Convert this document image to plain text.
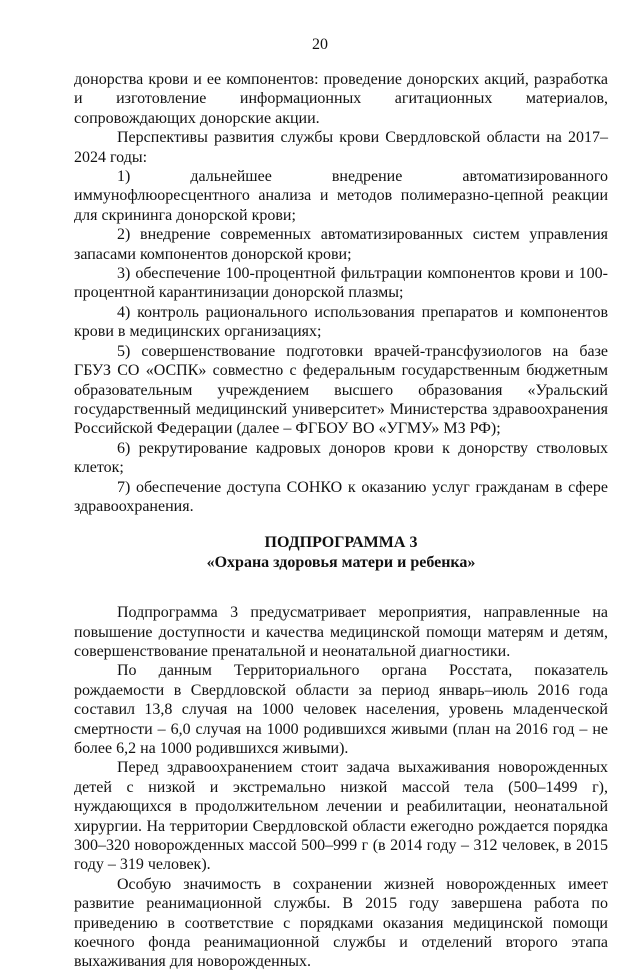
20

донорства крови и ее компонентов: проведение донорских акций, разработка и изготовление информационных агитационных материалов, сопровождающих донорские акции.

Перспективы развития службы крови Свердловской области на 2017–2024 годы:

1) дальнейшее внедрение автоматизированного иммунофлюоресцентного анализа и методов полимеразно-цепной реакции для скрининга донорской крови;

2) внедрение современных автоматизированных систем управления запасами компонентов донорской крови;

3) обеспечение 100-процентной фильтрации компонентов крови и 100-процентной карантинизации донорской плазмы;

4) контроль рационального использования препаратов и компонентов крови в медицинских организациях;

5) совершенствование подготовки врачей-трансфузиологов на базе ГБУЗ СО «ОСПК» совместно с федеральным государственным бюджетным образовательным учреждением высшего образования «Уральский государственный медицинский университет» Министерства здравоохранения Российской Федерации (далее – ФГБОУ ВО «УГМУ» МЗ РФ);

6) рекрутирование кадровых доноров крови к донорству стволовых клеток;

7) обеспечение доступа СОНКО к оказанию услуг гражданам в сфере здравоохранения.

ПОДПРОГРАММА 3
«Охрана здоровья матери и ребенка»

Подпрограмма 3 предусматривает мероприятия, направленные на повышение доступности и качества медицинской помощи матерям и детям, совершенствование пренатальной и неонатальной диагностики.

По данным Территориального органа Росстата, показатель рождаемости в Свердловской области за период январь–июль 2016 года составил 13,8 случая на 1000 человек населения, уровень младенческой смертности – 6,0 случая на 1000 родившихся живыми (план на 2016 год – не более 6,2 на 1000 родившихся живыми).

Перед здравоохранением стоит задача выхаживания новорожденных детей с низкой и экстремально низкой массой тела (500–1499 г), нуждающихся в продолжительном лечении и реабилитации, неонатальной хирургии. На территории Свердловской области ежегодно рождается порядка 300–320 новорожденных массой 500–999 г (в 2014 году – 312 человек, в 2015 году – 319 человек).

Особую значимость в сохранении жизней новорожденных имеет развитие реанимационной службы. В 2015 году завершена работа по приведению в соответствие с порядками оказания медицинской помощи коечного фонда реанимационной службы и отделений второго этапа выхаживания для новорожденных.
